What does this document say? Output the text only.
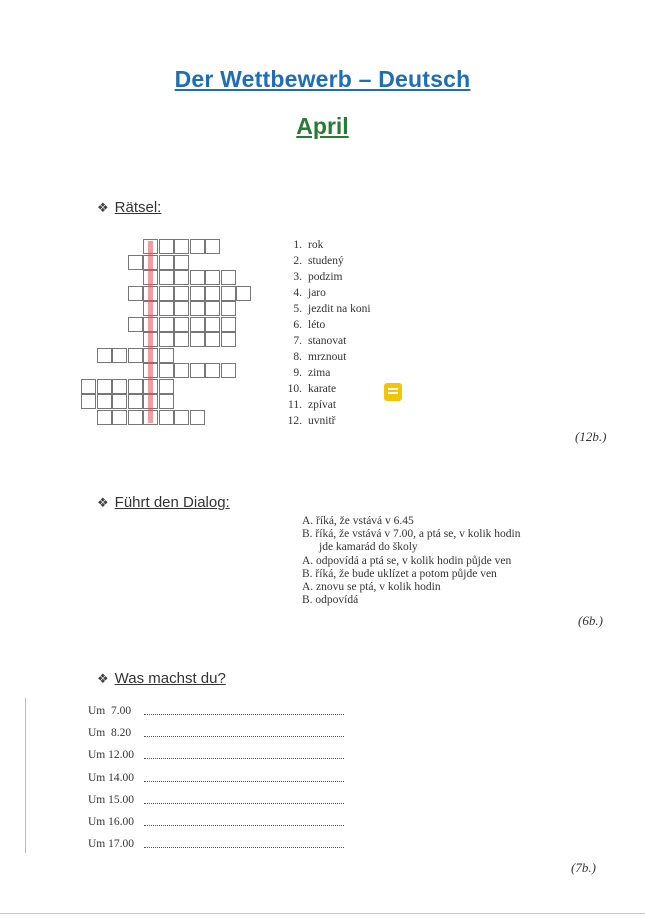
Der Wettbewerb – Deutsch
April
❖ Rätsel:
1. rok
2. studený
3. podzim
4. jaro
5. jezdit na koni
6. léto
7. stanovat
8. mrznout
9. zima
10. karate
11. zpívat
12. uvnitř
(12b.)
❖ Führt den Dialog:
A. říká, že vstává v 6.45
B. říká, že vstává v 7.00, a ptá se, v kolik hodin
jde kamarád do školy
A. odpovídá a ptá se, v kolik hodin půjde ven
B. říká, že bude uklízet a potom půjde ven
A. znovu se ptá, v kolik hodin
B. odpovídá
(6b.)
❖ Was machst du?
Um  7.00
Um  8.20
Um 12.00
Um 14.00
Um 15.00
Um 16.00
Um 17.00
(7b.)
